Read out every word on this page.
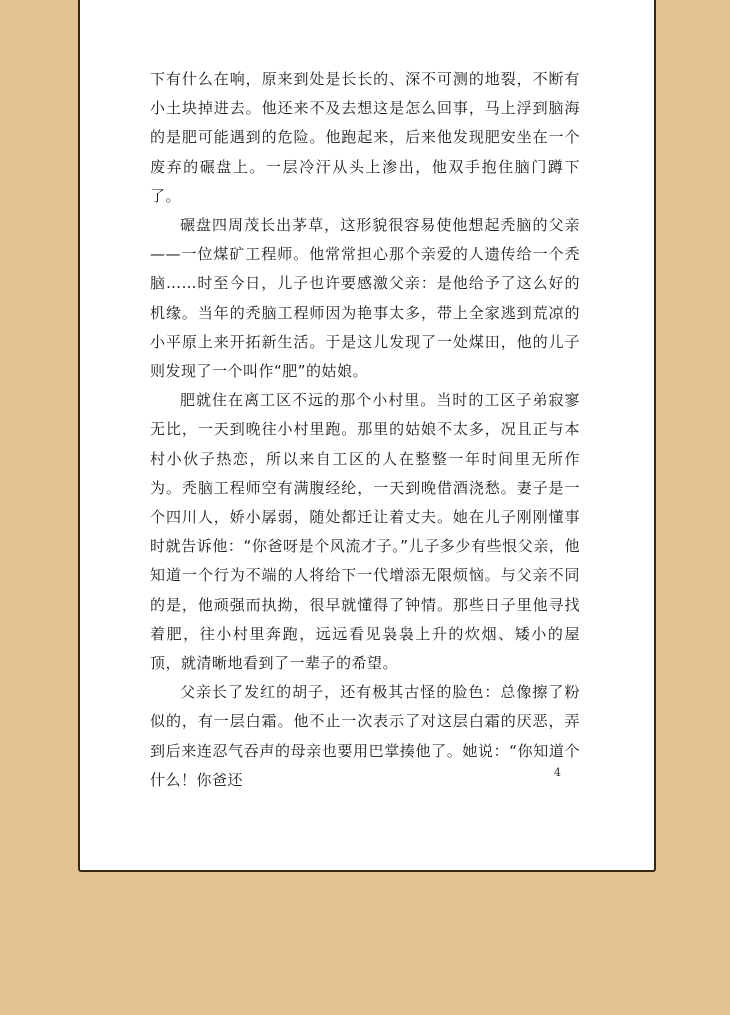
下有什么在响，原来到处是长长的、深不可测的地裂，不断有小土块掉进去。他还来不及去想这是怎么回事，马上浮到脑海的是肥可能遇到的危险。他跑起来，后来他发现肥安坐在一个废弃的碾盘上。一层冷汗从头上渗出，他双手抱住脑门蹲下了。

碾盘四周茂长出茅草，这形貌很容易使他想起秃脑的父亲——一位煤矿工程师。他常常担心那个亲爱的人遗传给一个秃脑……时至今日，儿子也许要感激父亲：是他给予了这么好的机缘。当年的秃脑工程师因为艳事太多，带上全家逃到荒凉的小平原上来开拓新生活。于是这儿发现了一处煤田，他的儿子则发现了一个叫作“肥”的姑娘。

肥就住在离工区不远的那个小村里。当时的工区子弟寂寥无比，一天到晚往小村里跑。那里的姑娘不太多，况且正与本村小伙子热恋，所以来自工区的人在整整一年时间里无所作为。秃脑工程师空有满腹经纶，一天到晚借酒浇愁。妻子是一个四川人，娇小孱弱，随处都迁让着丈夫。她在儿子刚刚懂事时就告诉他：“你爸呀是个风流才子。”儿子多少有些恨父亲，他知道一个行为不端的人将给下一代增添无限烦恼。与父亲不同的是，他顽强而执拗，很早就懂得了钟情。那些日子里他寻找着肥，往小村里奔跑，远远看见袅袅上升的炊烟、矮小的屋顶，就清晰地看到了一辈子的希望。

父亲长了发红的胡子，还有极其古怪的脸色：总像擦了粉似的，有一层白霜。他不止一次表示了对这层白霜的厌恶，弄到后来连忍气吞声的母亲也要用巴掌揍他了。她说：“你知道个什么！你爸还	4
